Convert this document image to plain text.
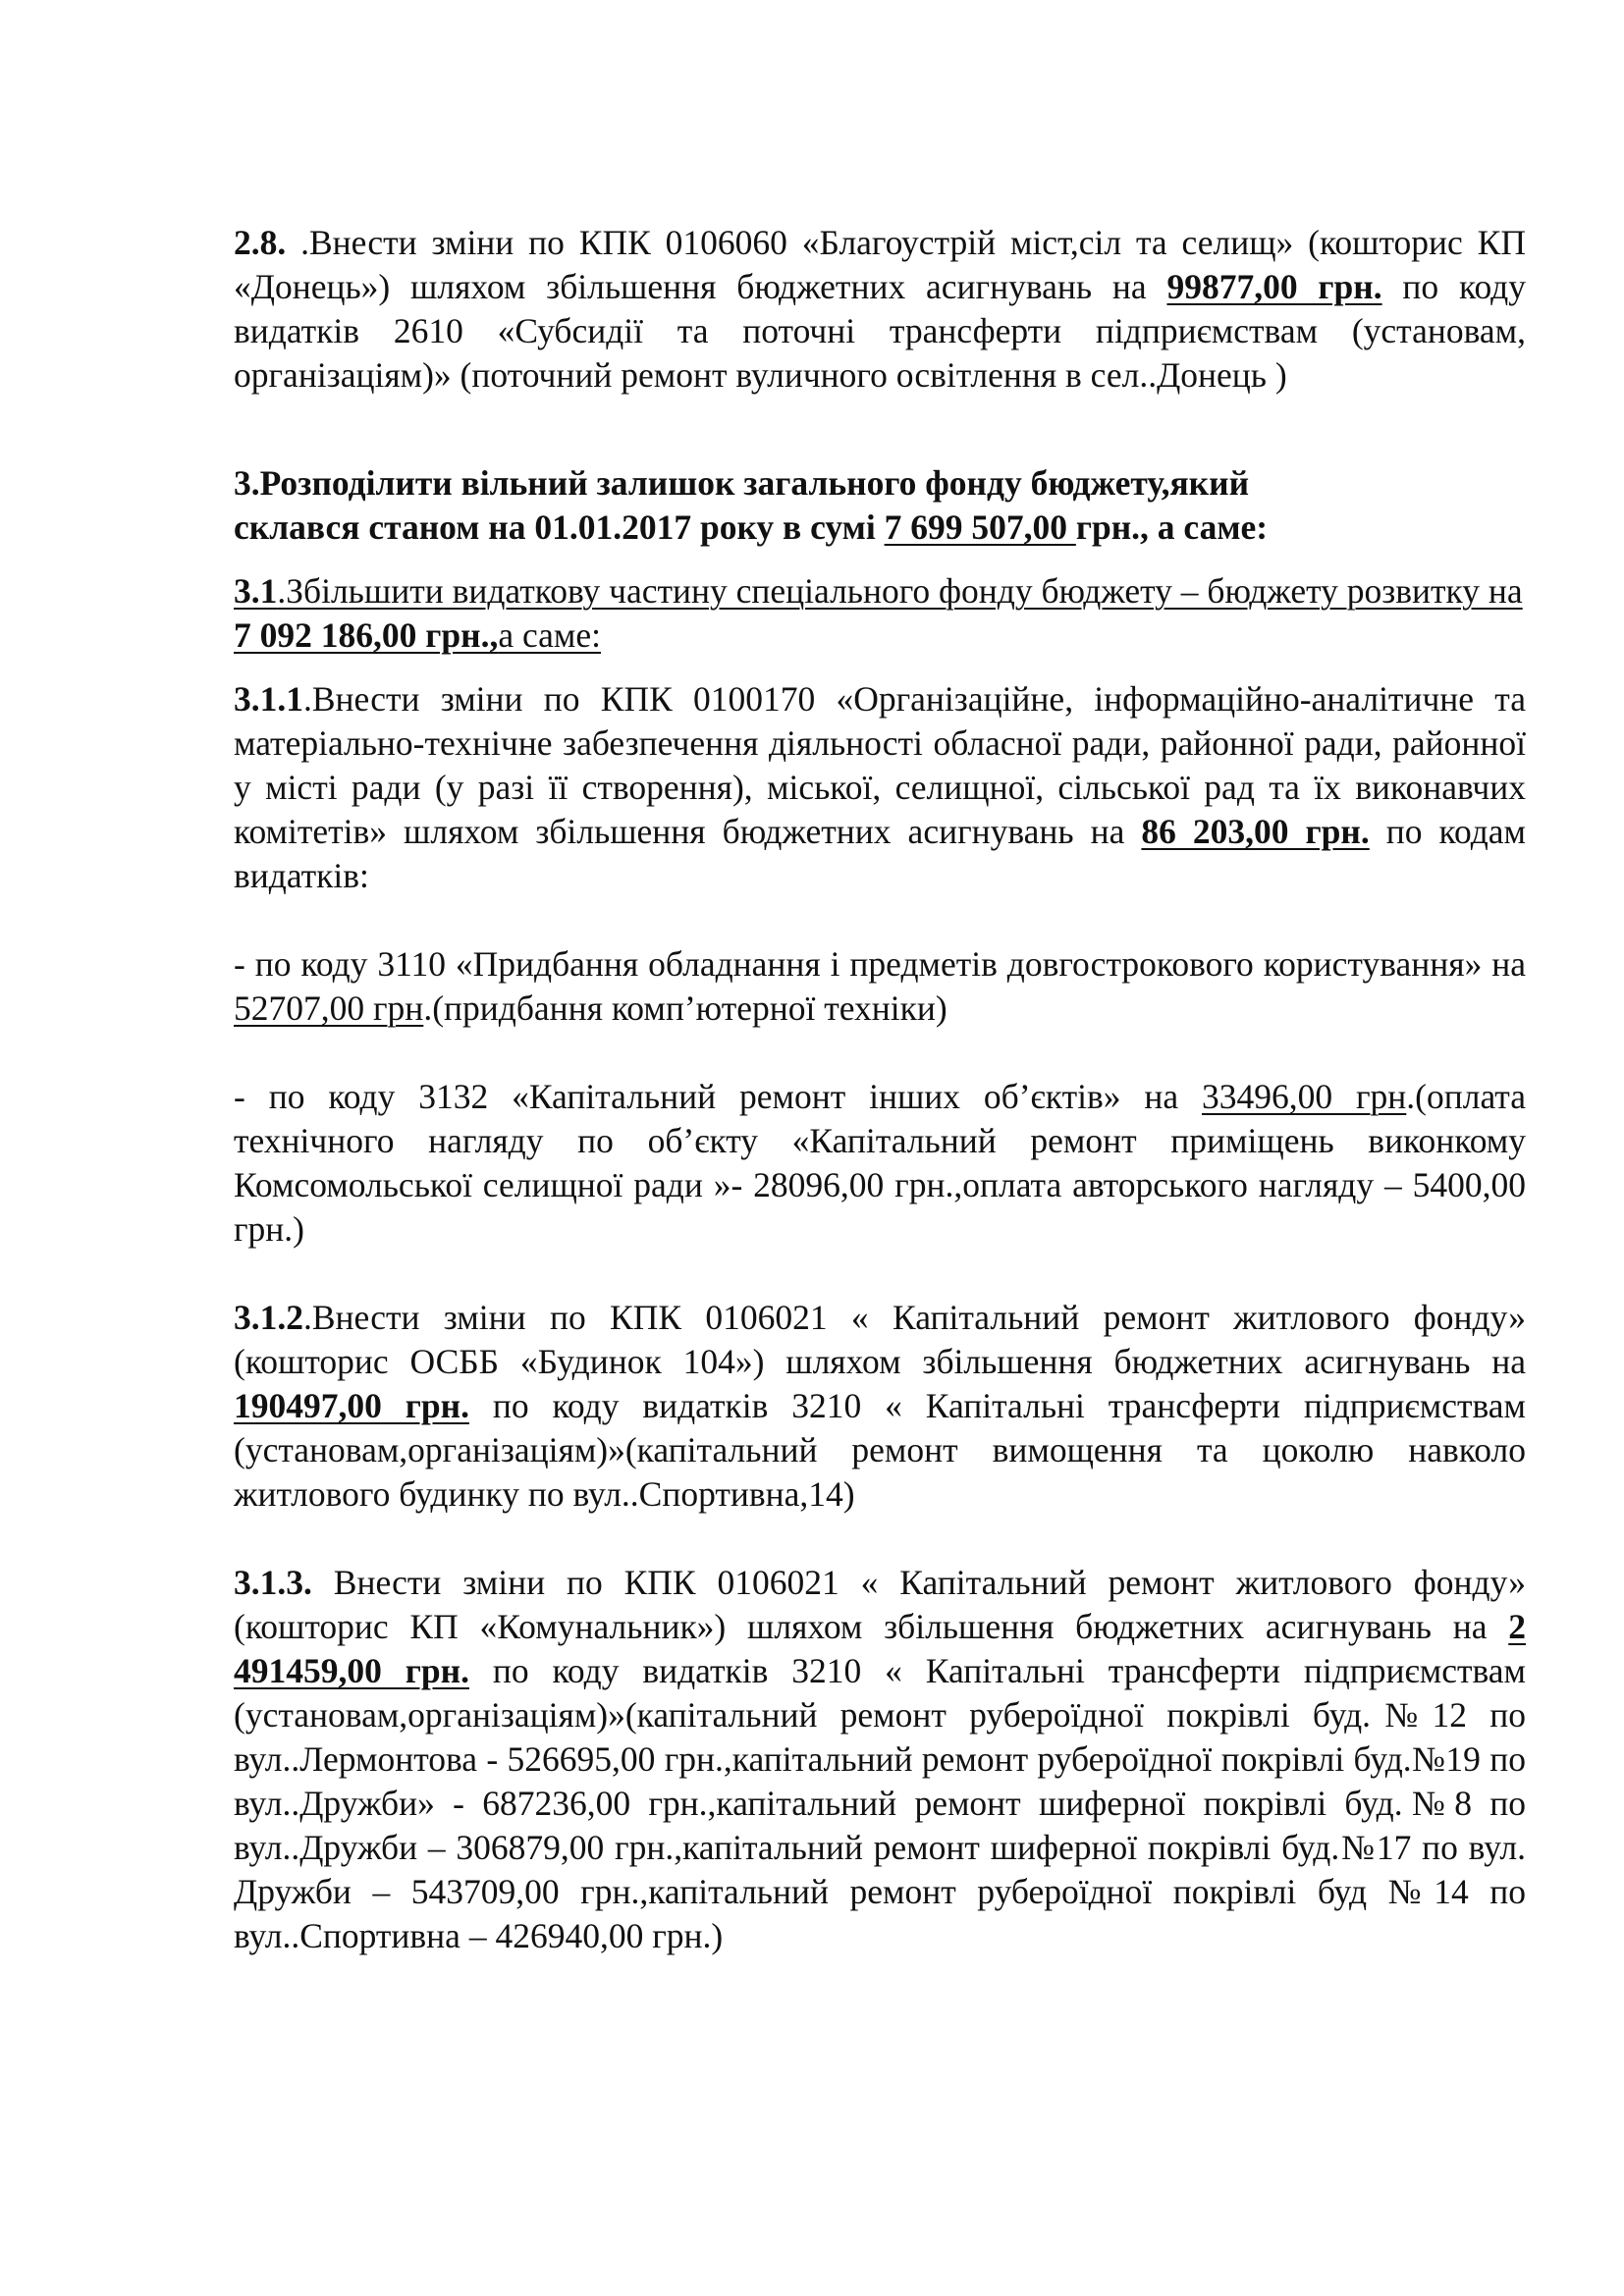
2.8. .Внести зміни по КПК 0106060 «Благоустрій міст,сіл та селищ» (кошторис КП «Донець») шляхом збільшення бюджетних асигнувань на 99877,00 грн. по коду видатків 2610 «Субсидії та поточні трансферти підприємствам (установам, організаціям)» (поточний ремонт вуличного освітлення в сел..Донець )

3.Розподілити вільний залишок загального фонду бюджету,який
склався станом на 01.01.2017 року в сумі 7 699 507,00 грн., а саме:

3.1.Збільшити видаткову частину спеціального фонду бюджету – бюджету розвитку на 7 092 186,00 грн.,а саме:

3.1.1.Внести зміни по КПК 0100170 «Організаційне, інформаційно-аналітичне та матеріально-технічне забезпечення діяльності обласної ради, районної ради, районної у місті ради (у разі її створення), міської, селищної, сільської рад та їх виконавчих комітетів» шляхом збільшення бюджетних асигнувань на 86 203,00 грн. по кодам видатків:

- по коду 3110 «Придбання обладнання і предметів довгострокового користування» на 52707,00 грн.(придбання комп’ютерної техніки)

- по коду 3132 «Капітальний ремонт інших об’єктів» на 33496,00 грн.(оплата технічного нагляду по об’єкту «Капітальний ремонт приміщень виконкому Комсомольської селищної ради »- 28096,00 грн.,оплата авторського нагляду – 5400,00 грн.)

3.1.2.Внести зміни по КПК 0106021 « Капітальний ремонт житлового фонду» (кошторис ОСББ «Будинок 104») шляхом збільшення бюджетних асигнувань на 190497,00 грн. по коду видатків 3210 « Капітальні трансферти підприємствам (установам,організаціям)»(капітальний ремонт вимощення та цоколю навколо житлового будинку по вул..Спортивна,14)

3.1.3. Внести зміни по КПК 0106021 « Капітальний ремонт житлового фонду» (кошторис КП «Комунальник») шляхом збільшення бюджетних асигнувань на 2 491459,00 грн. по коду видатків 3210 « Капітальні трансферти підприємствам (установам,організаціям)»(капітальний ремонт рубероїдної покрівлі буд.№12 по вул..Лермонтова - 526695,00 грн.,капітальний ремонт рубероїдної покрівлі буд.№19 по вул..Дружби» - 687236,00 грн.,капітальний ремонт шиферної покрівлі буд.№8 по вул..Дружби – 306879,00 грн.,капітальний ремонт шиферної покрівлі буд.№17 по вул. Дружби – 543709,00 грн.,капітальний ремонт рубероїдної покрівлі буд №14 по вул..Спортивна – 426940,00 грн.)
